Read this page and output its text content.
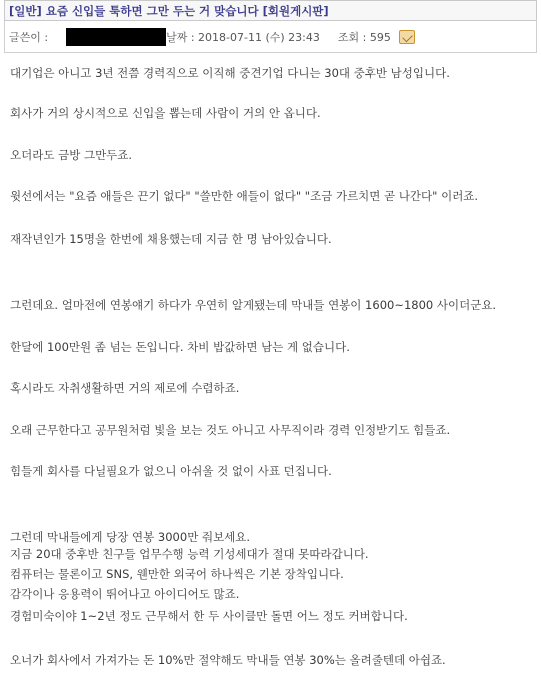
[일반] 요즘 신입들 툭하면 그만 두는 거 맞습니다 [회원게시판]
글쓴이 :	날짜 : 2018-07-11 (수) 23:43 조회 : 595
대기업은 아니고 3년 전쯤 경력직으로 이직해 중견기업 다니는 30대 중후반 남성입니다.
회사가 거의 상시적으로 신입을 뽑는데 사람이 거의 안 옵니다.
오더라도 금방 그만두죠.
윗선에서는 "요즘 애들은 끈기 없다" "쓸만한 애들이 없다" "조금 가르치면 곧 나간다" 이러죠.
재작년인가 15명을 한번에 채용했는데 지금 한 명 남아있습니다.
그런데요. 얼마전에 연봉얘기 하다가 우연히 알게됐는데 막내들 연봉이 1600~1800 사이더군요.
한달에 100만원 좀 넘는 돈입니다. 차비 밥값하면 남는 게 없습니다.
혹시라도 자취생활하면 거의 제로에 수렴하죠.
오래 근무한다고 공무원처럼 빛을 보는 것도 아니고 사무직이라 경력 인정받기도 힘들죠.
힘들게 회사를 다닐필요가 없으니 아쉬울 것 없이 사표 던집니다.
그런데 막내들에게 당장 연봉 3000만 줘보세요.
지금 20대 중후반 친구들 업무수행 능력 기성세대가 절대 못따라갑니다.
컴퓨터는 물론이고 SNS, 웬만한 외국어 하나씩은 기본 장착입니다.
감각이나 응용력이 뛰어나고 아이디어도 많죠.
경험미숙이야 1~2년 정도 근무해서 한 두 사이클만 돌면 어느 정도 커버합니다.
오너가 회사에서 가져가는 돈 10%만 절약해도 막내들 연봉 30%는 올려줄텐데 아쉽죠.
